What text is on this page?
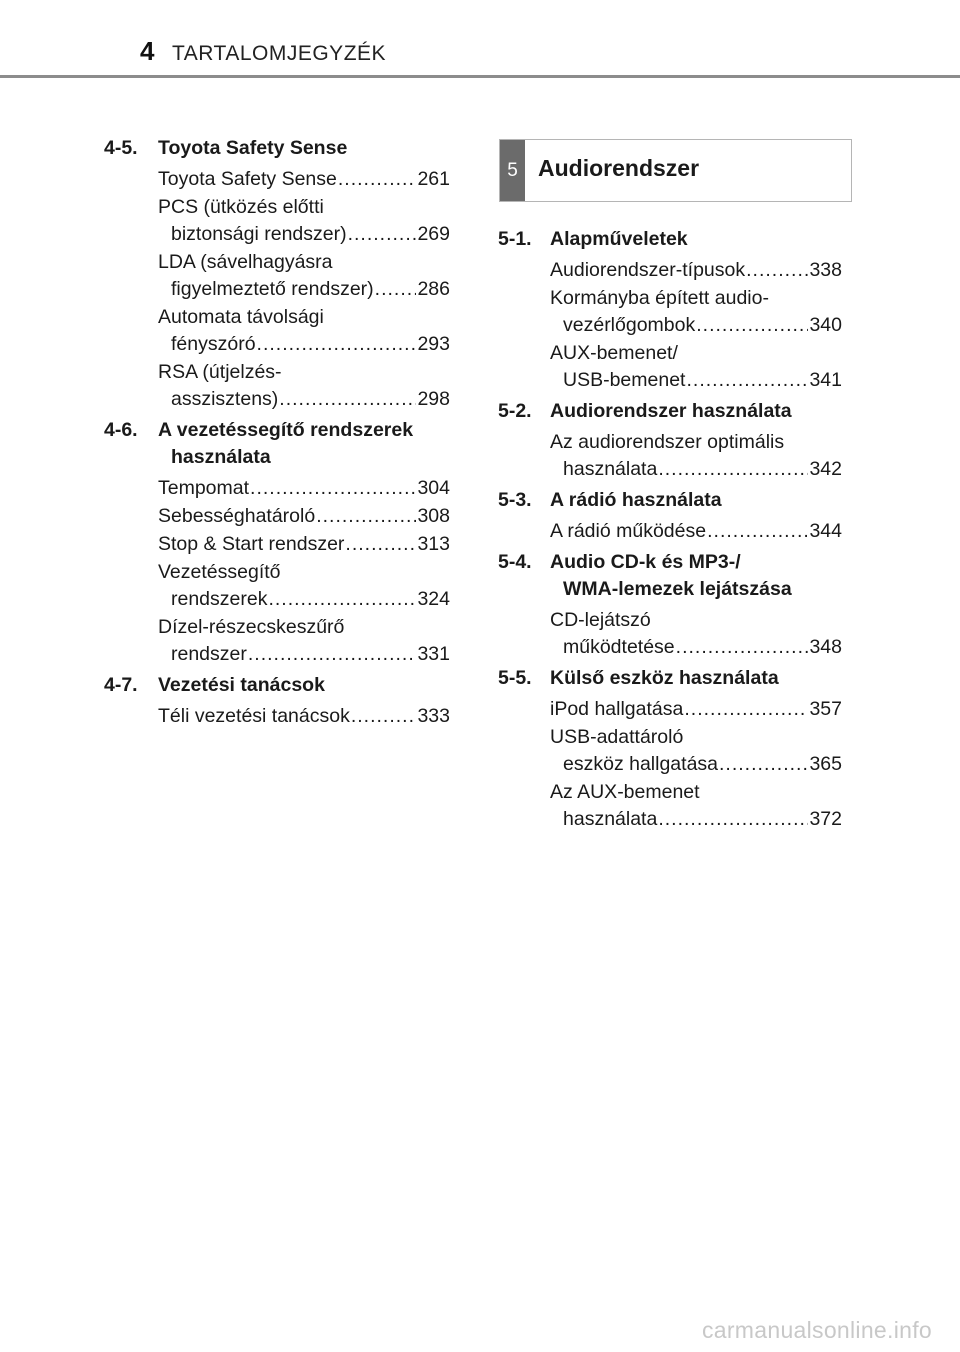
4 TARTALOMJEGYZÉK
4-5. Toyota Safety Sense
Toyota Safety Sense .....	261
PCS (ütközés előtti
biztonsági rendszer) .....	269
LDA (sávelhagyásra
figyelmeztető rendszer) ..... 286
Automata távolsági
fényszóró .....	293
RSA (útjelzés-
asszisztens) .....	298
4-6. A vezetéssegítő rendszerek
használata
Tempomat .....	304
Sebességhatároló .....	308
Stop & Start rendszer .....	313
Vezetéssegítő
rendszerek .....	324
Dízel-részecskeszűrő
rendszer .....	331
4-7. Vezetési tanácsok
Téli vezetési tanácsok .....	333
5 Audiorendszer
5-1. Alapműveletek
Audiorendszer-típusok .....	338
Kormányba épített audio-
vezérlőgombok .....	340
AUX-bemenet/
USB-bemenet .....	341
5-2. Audiorendszer használata
Az audiorendszer optimális
használata .....	342
5-3. A rádió használata
A rádió működése .....	344
5-4. Audio CD-k és MP3-/
WMA-lemezek lejátszása
CD-lejátszó
működtetése .....	348
5-5. Külső eszköz használata
iPod hallgatása .....	357
USB-adattároló
eszköz hallgatása .....	365
Az AUX-bemenet
használata .....	372
carmanualsonline.info
